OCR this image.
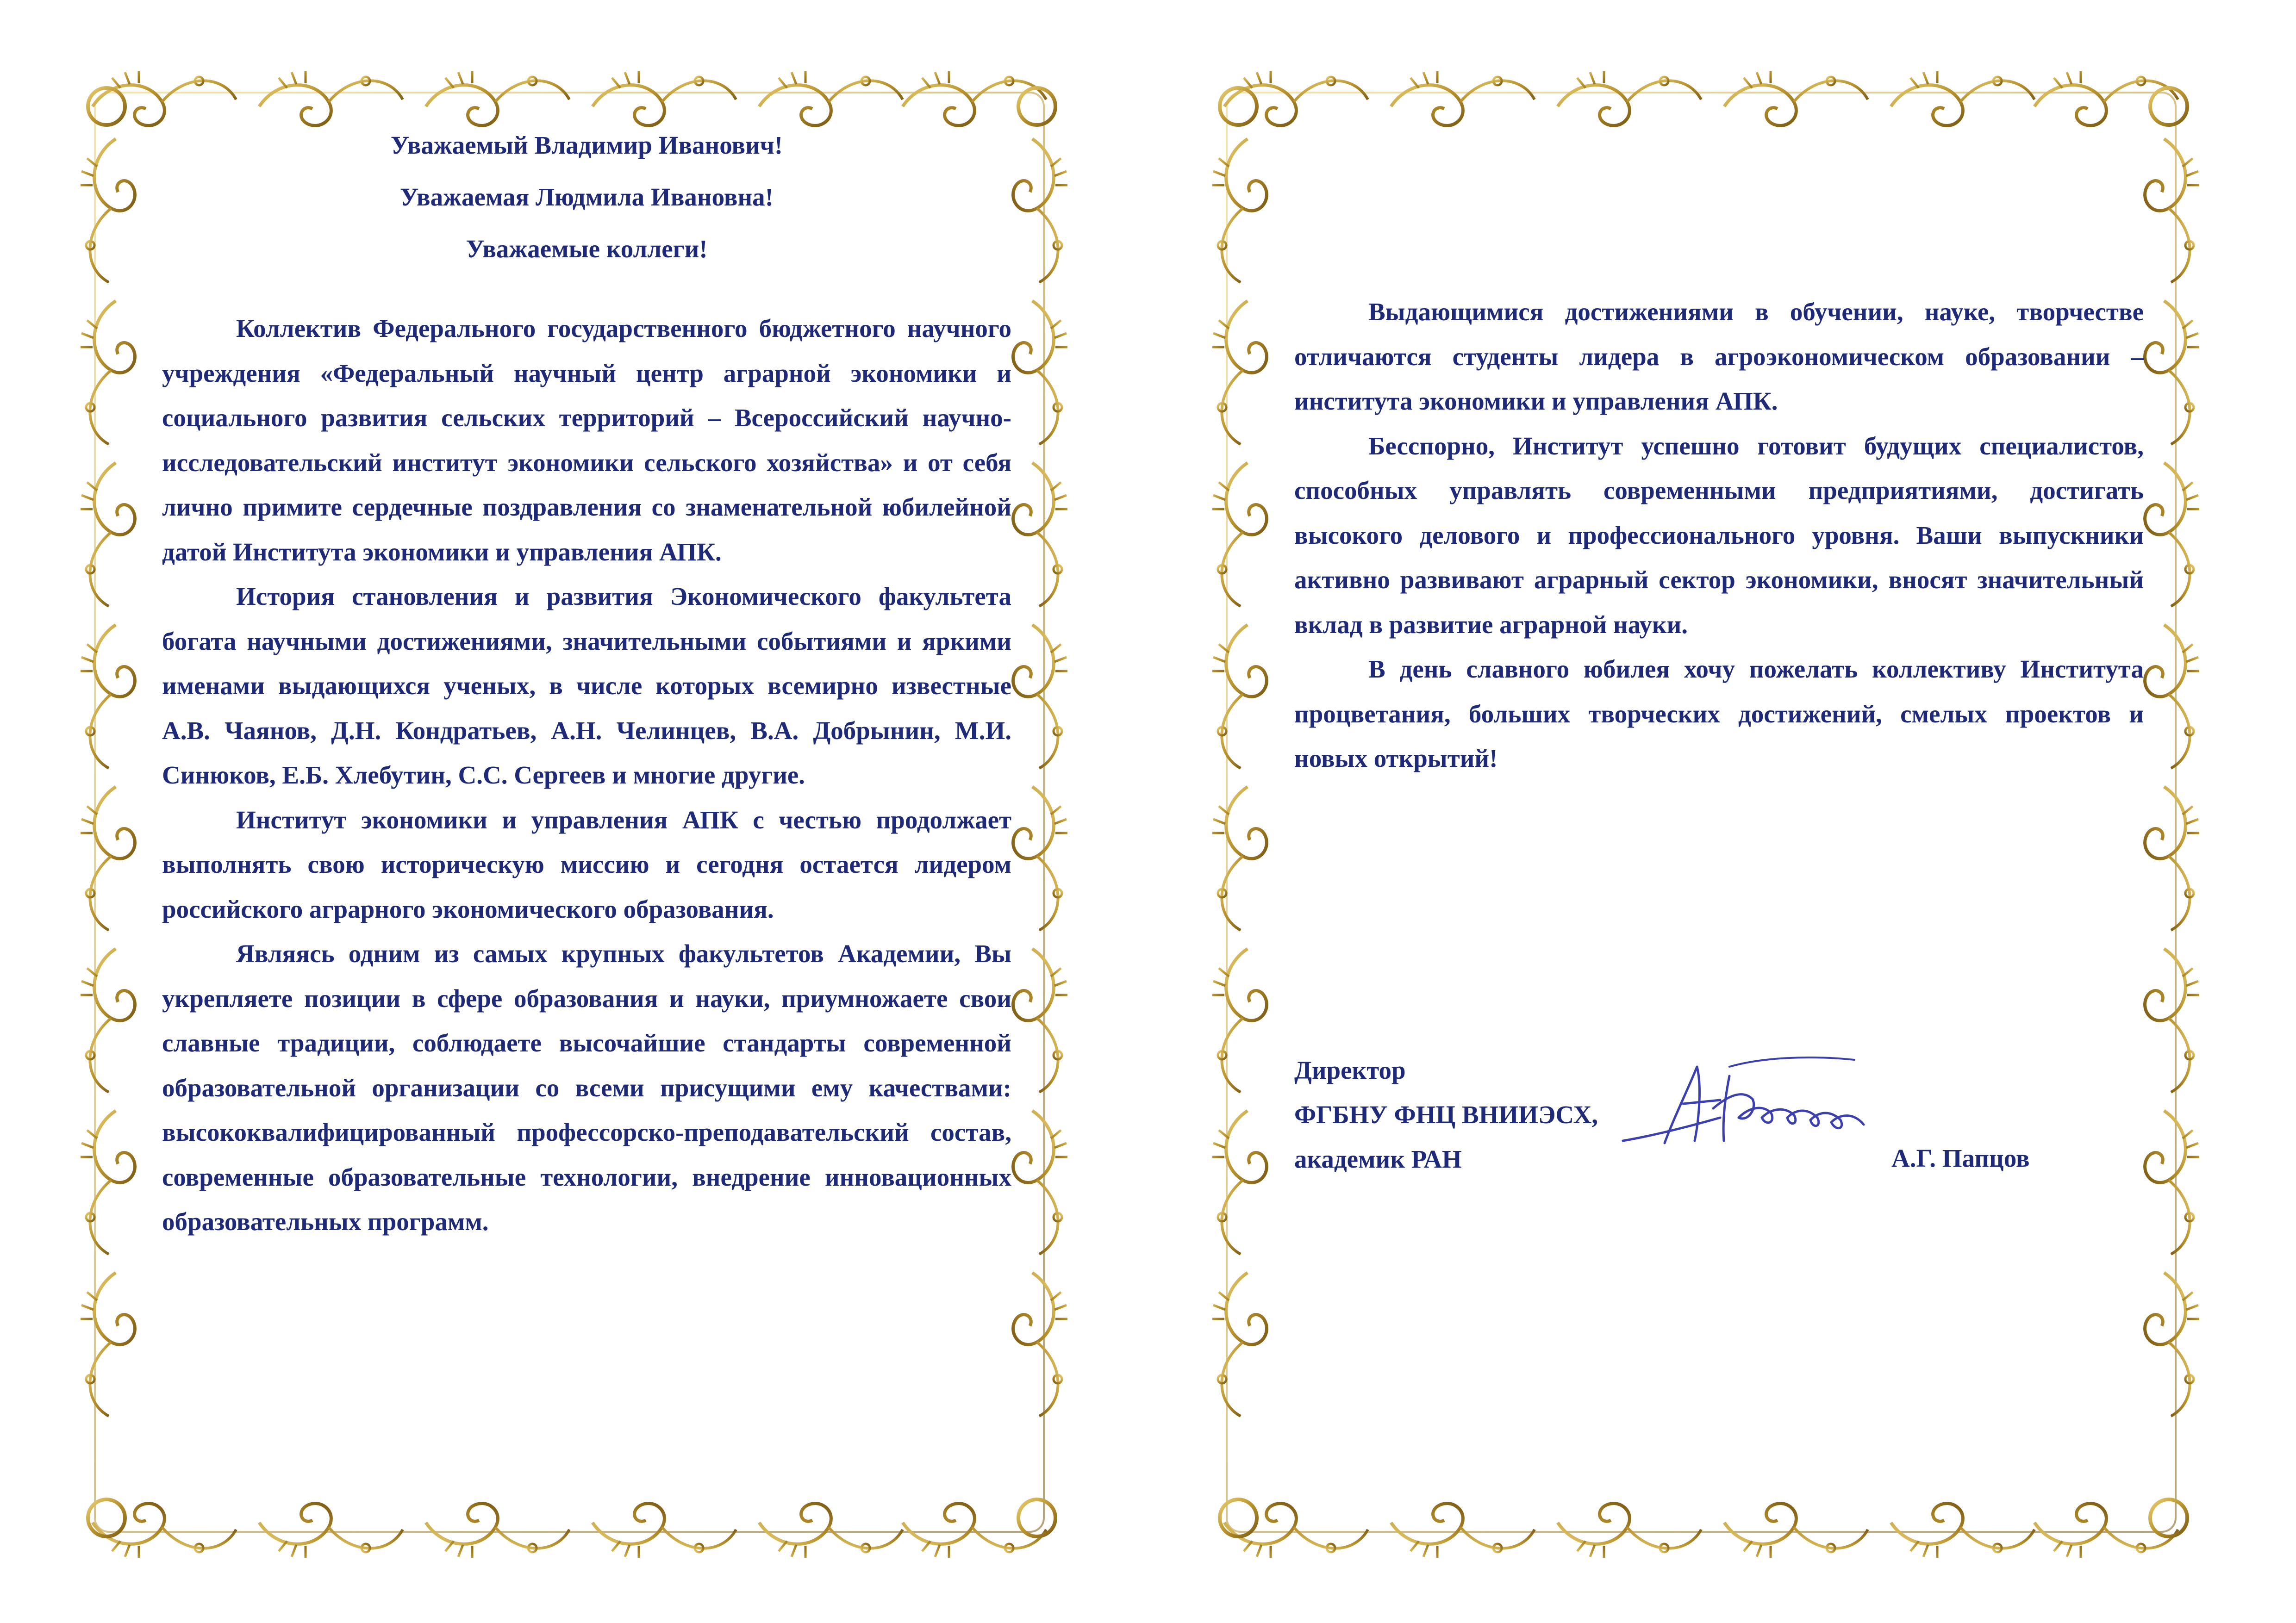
Уважаемый Владимир Иванович!

Уважаемая Людмила Ивановна!

Уважаемые коллеги!

Коллектив Федерального государственного бюджетного научного учреждения «Федеральный научный центр аграрной экономики и социального развития сельских территорий – Всероссийский научно-исследовательский институт экономики сельского хозяйства» и от себя лично примите сердечные поздравления со знаменательной юбилейной датой Института экономики и управления АПК.

История становления и развития Экономического факультета богата научными достижениями, значительными событиями и яркими именами выдающихся ученых, в числе которых всемирно известные А.В. Чаянов, Д.Н. Кондратьев, А.Н. Челинцев, В.А. Добрынин, М.И. Синюков, Е.Б. Хлебутин, С.С. Сергеев и многие другие.

Институт экономики и управления АПК с честью продолжает выполнять свою историческую миссию и сегодня остается лидером российского аграрного экономического образования.

Являясь одним из самых крупных факультетов Академии, Вы укрепляете позиции в сфере образования и науки, приумножаете свои славные традиции, соблюдаете высочайшие стандарты современной образовательной организации со всеми присущими ему качествами: высококвалифицированный профессорско-преподавательский состав, современные образовательные технологии, внедрение инновационных образовательных программ.

Выдающимися достижениями в обучении, науке, творчестве отличаются студенты лидера в агроэкономическом образовании – института экономики и управления АПК.

Бесспорно, Институт успешно готовит будущих специалистов, способных управлять современными предприятиями, достигать высокого делового и профессионального уровня. Ваши выпускники активно развивают аграрный сектор экономики, вносят значительный вклад в развитие аграрной науки.

В день славного юбилея хочу пожелать коллективу Института процветания, больших творческих достижений, смелых проектов и новых открытий!

Директор

ФГБНУ ФНЦ ВНИИЭСХ,

академик РАН	А.Г. Папцов
